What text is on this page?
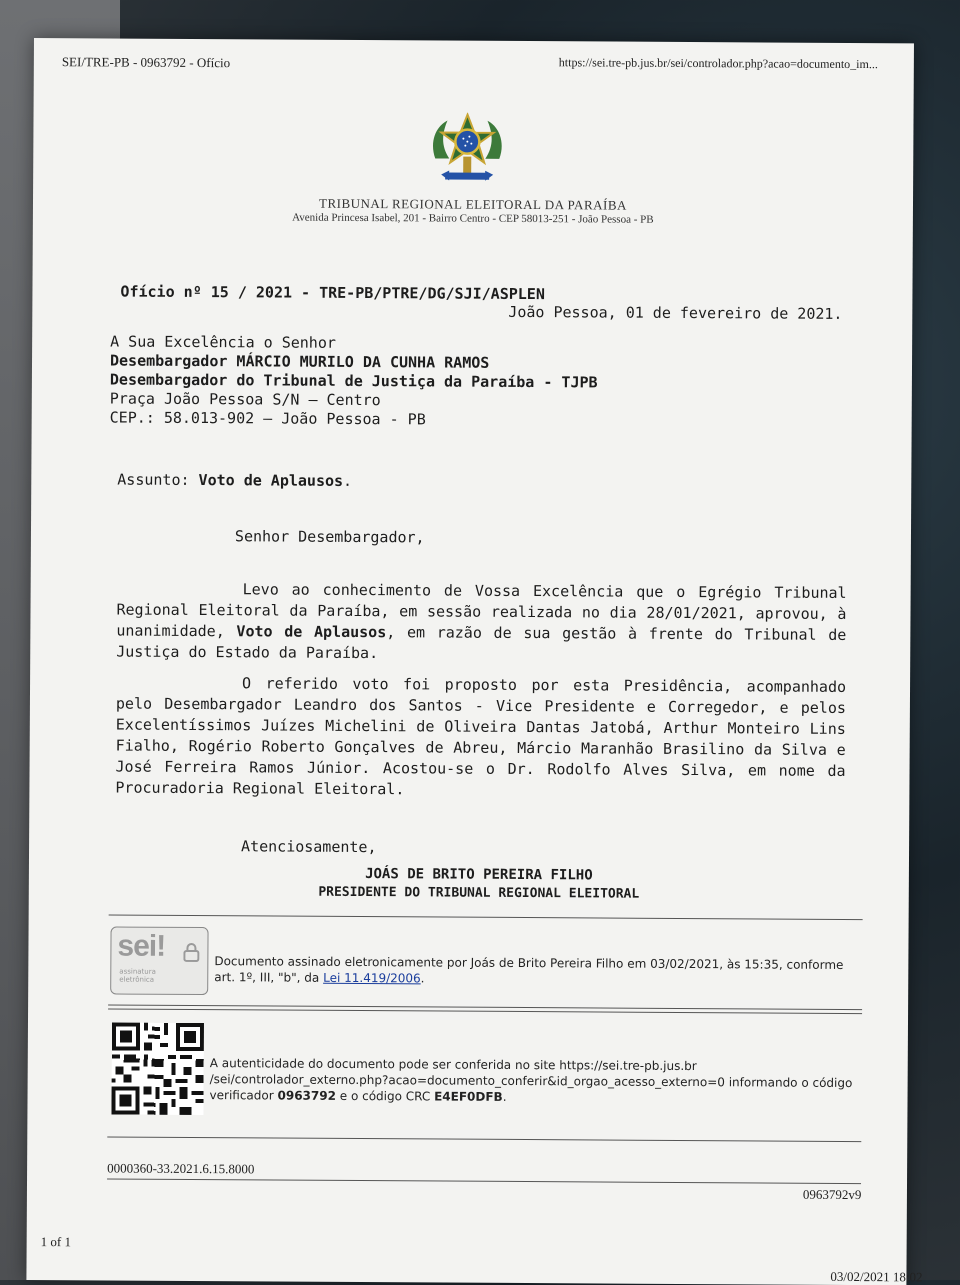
SEI/TRE-PB - 0963792 - Ofício	https://sei.tre-pb.jus.br/sei/controlador.php?acao=documento_im...
TRIBUNAL REGIONAL ELEITORAL DA PARAÍBA
Avenida Princesa Isabel, 201 - Bairro Centro - CEP 58013-251 - João Pessoa - PB
Ofício nº 15 / 2021 - TRE-PB/PTRE/DG/SJI/ASPLEN
João Pessoa, 01 de fevereiro de 2021.
A Sua Excelência o Senhor
Desembargador MÁRCIO MURILO DA CUNHA RAMOS
Desembargador do Tribunal de Justiça da Paraíba - TJPB
Praça João Pessoa S/N – Centro
CEP.: 58.013-902 – João Pessoa - PB
Assunto: Voto de Aplausos.
Senhor Desembargador,
Levo ao conhecimento de Vossa Excelência que o Egrégio Tribunal Regional Eleitoral da Paraíba, em sessão realizada no dia 28/01/2021, aprovou, à unanimidade, Voto de Aplausos, em razão de sua gestão à frente do Tribunal de Justiça do Estado da Paraíba.
O referido voto foi proposto por esta Presidência, acompanhado pelo Desembargador Leandro dos Santos - Vice Presidente e Corregedor, e pelos Excelentíssimos Juízes Michelini de Oliveira Dantas Jatobá, Arthur Monteiro Lins Fialho, Rogério Roberto Gonçalves de Abreu, Márcio Maranhão Brasilino da Silva e José Ferreira Ramos Júnior. Acostou-se o Dr. Rodolfo Alves Silva, em nome da Procuradoria Regional Eleitoral.
Atenciosamente,
JOÁS DE BRITO PEREIRA FILHO
PRESIDENTE DO TRIBUNAL REGIONAL ELEITORAL
sei!
assinatura
eletrônica
Documento assinado eletronicamente por Joás de Brito Pereira Filho em 03/02/2021, às 15:35, conforme art. 1º, III, "b", da Lei 11.419/2006.
A autenticidade do documento pode ser conferida no site https://sei.tre-pb.jus.br /sei/controlador_externo.php?acao=documento_conferir&id_orgao_acesso_externo=0 informando o código verificador 0963792 e o código CRC E4EF0DFB.
0000360-33.2021.6.15.8000
0963792v9
1 of 1
03/02/2021 18:02
